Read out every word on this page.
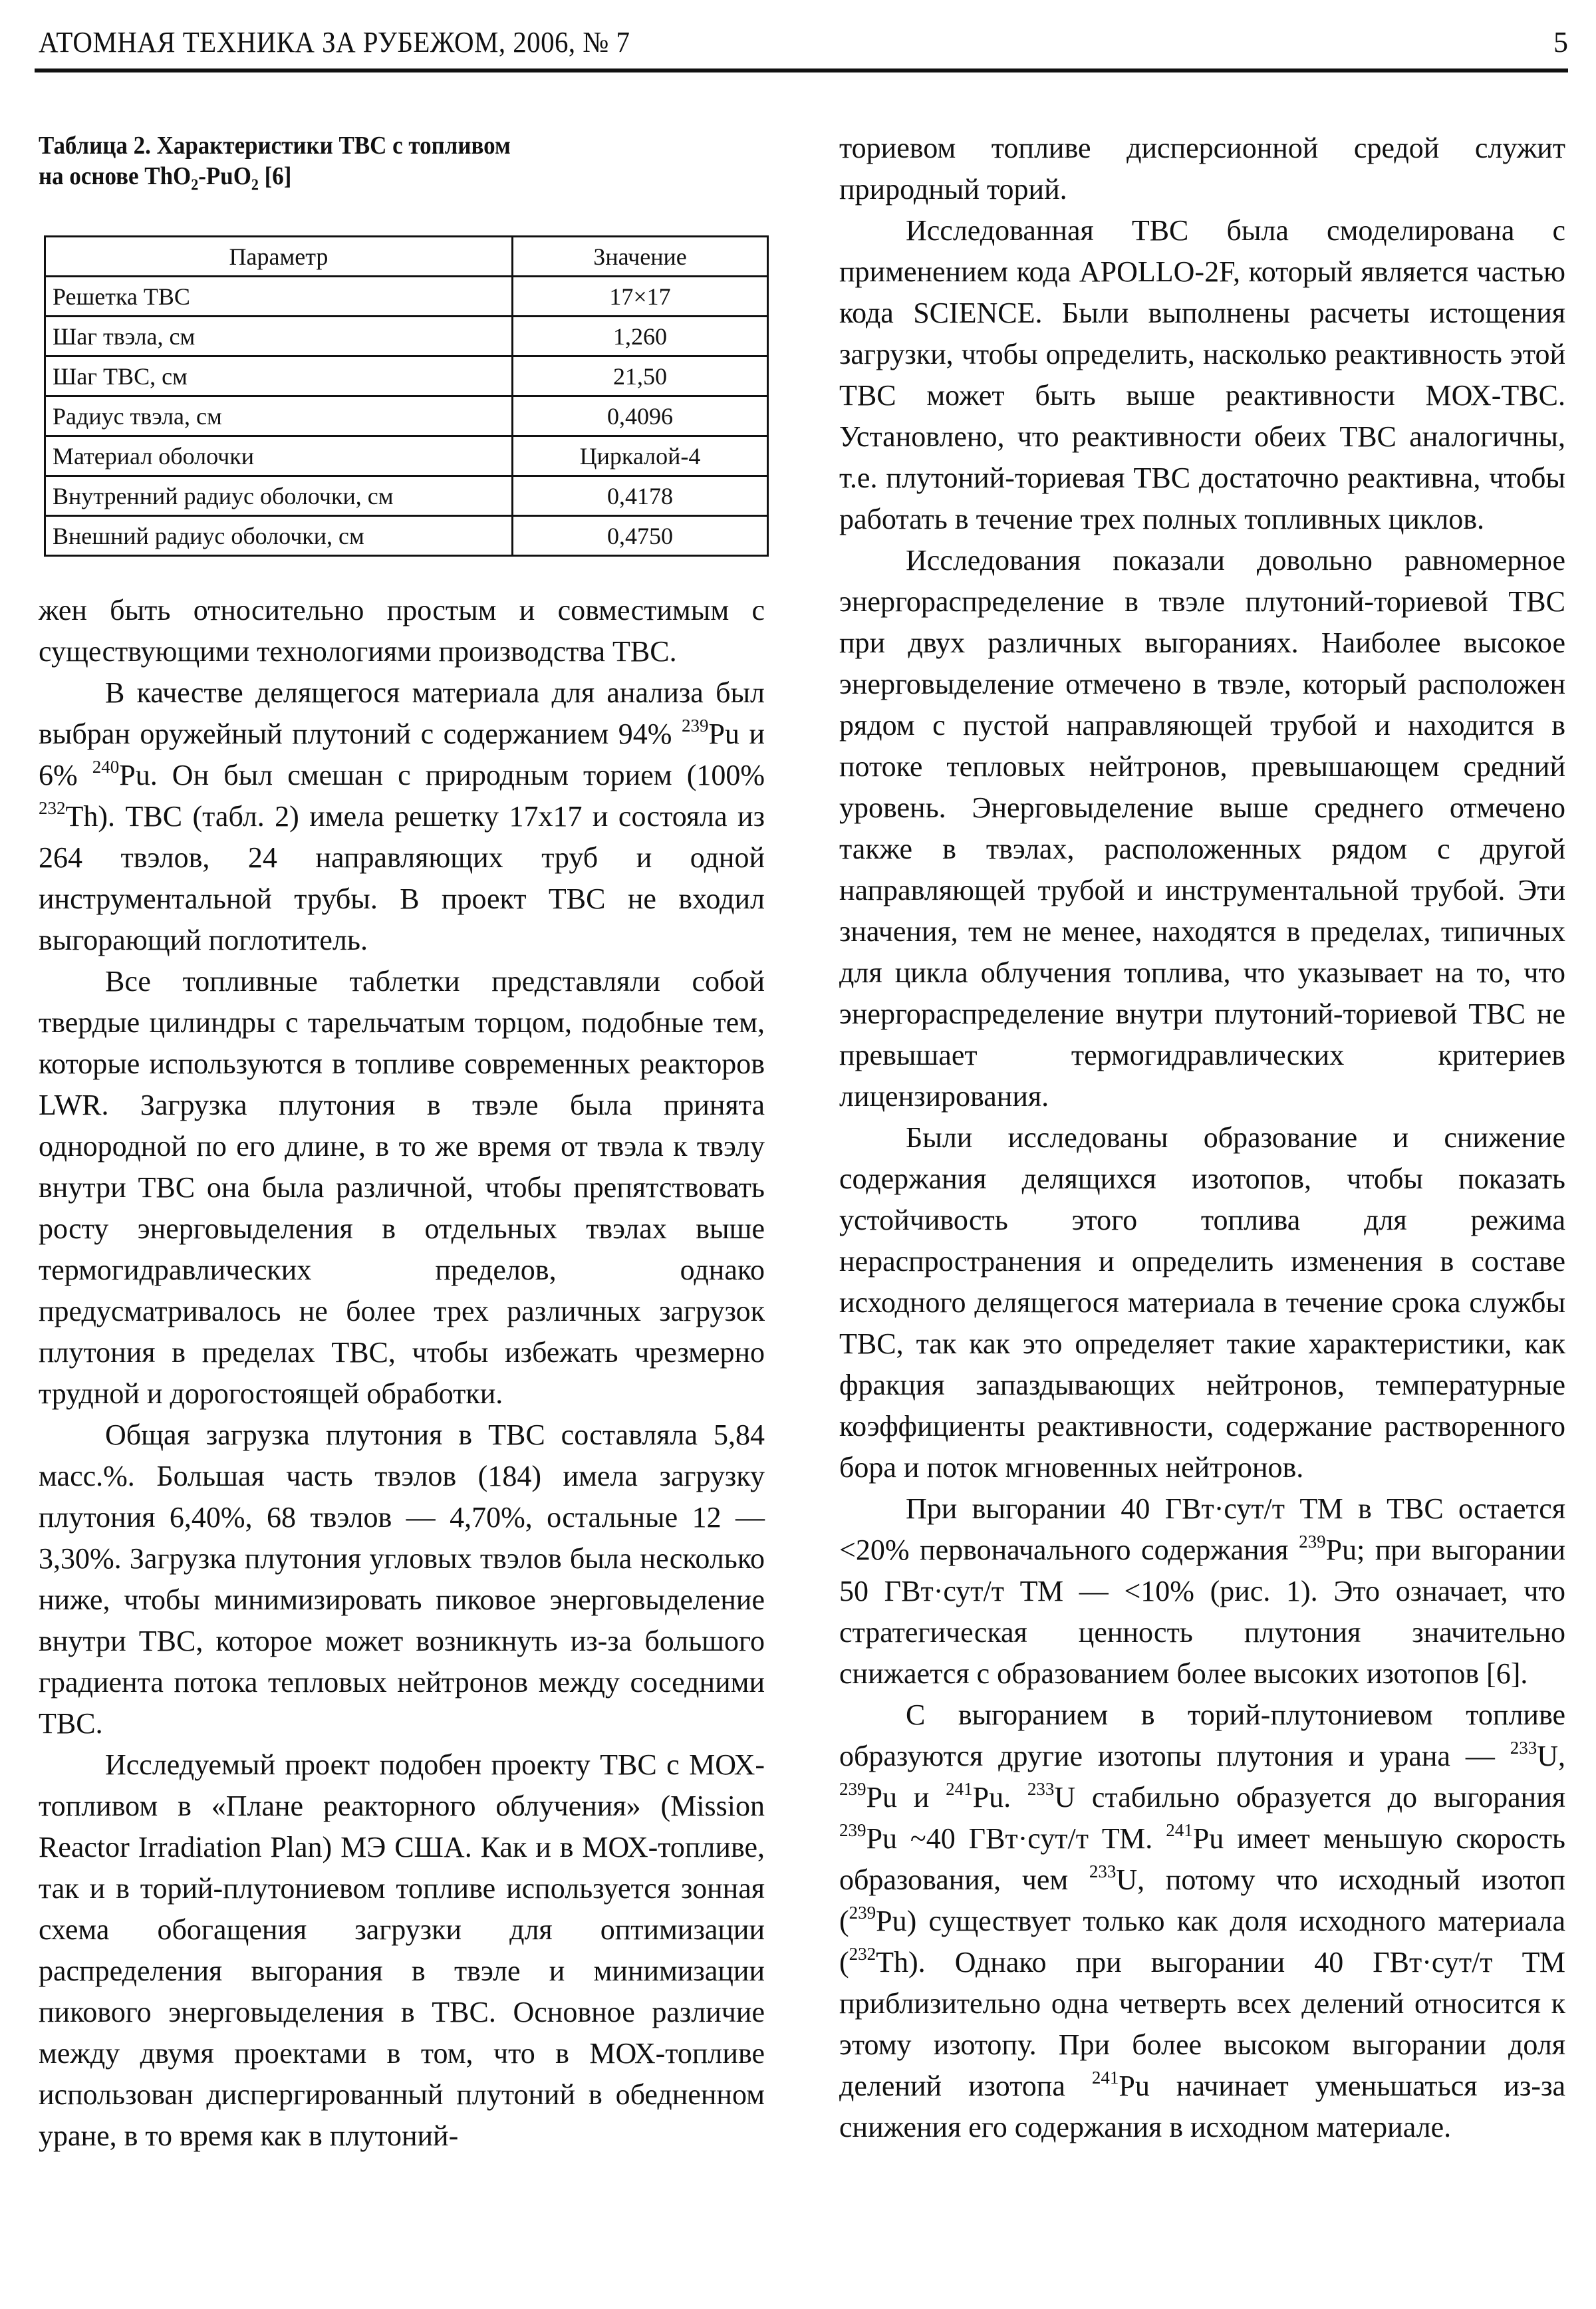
АТОМНАЯ ТЕХНИКА ЗА РУБЕЖОМ, 2006, № 7	5
Таблица 2. Характеристики ТВС с топливом
на основе ThO$_2$-PuO$_2$ [6]
Параметр	Значение
Решетка ТВС	17×17
Шаг твэла, см	1,260
Шаг ТВС, см	21,50
Радиус твэла, см	0,4096
Материал оболочки	Циркалой-4
Внутренний радиус оболочки, см	0,4178
Внешний радиус оболочки, см	0,4750

жен быть относительно простым и совместимым с существующими технологиями производства ТВС.

В качестве делящегося материала для анализа был выбран оружейный плутоний с содержанием 94% $^{239}$Pu и 6% $^{240}$Pu. Он был смешан с природным торием (100% $^{232}$Th). ТВС (табл. 2) имела решетку 17х17 и состояла из 264 твэлов, 24 направляющих труб и одной инструментальной трубы. В проект ТВС не входил выгорающий поглотитель.

Все топливные таблетки представляли собой твердые цилиндры с тарельчатым торцом, подобные тем, которые используются в топливе современных реакторов LWR. Загрузка плутония в твэле была принята однородной по его длине, в то же время от твэла к твэлу внутри ТВС она была различной, чтобы препятствовать росту энерговыделения в отдельных твэлах выше термогидравлических пределов, однако предусматривалось не более трех различных загрузок плутония в пределах ТВС, чтобы избежать чрезмерно трудной и дорогостоящей обработки.

Общая загрузка плутония в ТВС составляла 5,84 масс.%. Большая часть твэлов (184) имела загрузку плутония 6,40%, 68 твэлов — 4,70%, остальные 12 — 3,30%. Загрузка плутония угловых твэлов была несколько ниже, чтобы минимизировать пиковое энерговыделение внутри ТВС, которое может возникнуть из-за большого градиента потока тепловых нейтронов между соседними ТВС.

Исследуемый проект подобен проекту ТВС с МОХ-топливом в «Плане реакторного облучения» (Mission Reactor Irradiation Plan) МЭ США. Как и в МОХ-топливе, так и в торий-плутониевом топливе используется зонная схема обогащения загрузки для оптимизации распределения выгорания в твэле и минимизации пикового энерговыделения в ТВС. Основное различие между двумя проектами в том, что в МОХ-топливе использован диспергированный плутоний в обедненном уране, в то время как в плутоний-

ториевом топливе дисперсионной средой служит природный торий.

Исследованная ТВС была смоделирована с применением кода APOLLO-2F, который является частью кода SCIENCE. Были выполнены расчеты истощения загрузки, чтобы определить, насколько реактивность этой ТВС может быть выше реактивности МОХ-ТВС. Установлено, что реактивности обеих ТВС аналогичны, т.е. плутоний-ториевая ТВС достаточно реактивна, чтобы работать в течение трех полных топливных циклов.

Исследования показали довольно равномерное энергораспределение в твэле плутоний-ториевой ТВС при двух различных выгораниях. Наиболее высокое энерговыделение отмечено в твэле, который расположен рядом с пустой направляющей трубой и находится в потоке тепловых нейтронов, превышающем средний уровень. Энерговыделение выше среднего отмечено также в твэлах, расположенных рядом с другой направляющей трубой и инструментальной трубой. Эти значения, тем не менее, находятся в пределах, типичных для цикла облучения топлива, что указывает на то, что энергораспределение внутри плутоний-ториевой ТВС не превышает термогидравлических критериев лицензирования.

Были исследованы образование и снижение содержания делящихся изотопов, чтобы показать устойчивость этого топлива для режима нераспространения и определить изменения в составе исходного делящегося материала в течение срока службы ТВС, так как это определяет такие характеристики, как фракция запаздывающих нейтронов, температурные коэффициенты реактивности, содержание растворенного бора и поток мгновенных нейтронов.

При выгорании 40 ГВт·сут/т ТМ в ТВС остается <20% первоначального содержания $^{239}$Pu; при выгорании 50 ГВт·сут/т ТМ — <10% (рис. 1). Это означает, что стратегическая ценность плутония значительно снижается с образованием более высоких изотопов [6].

С выгоранием в торий-плутониевом топливе образуются другие изотопы плутония и урана — $^{233}$U, $^{239}$Pu и $^{241}$Pu. $^{233}$U стабильно образуется до выгорания $^{239}$Pu ~40 ГВт·сут/т ТМ. $^{241}$Pu имеет меньшую скорость образования, чем $^{233}$U, потому что исходный изотоп ($^{239}$Pu) существует только как доля исходного материала ($^{232}$Th). Однако при выгорании 40 ГВт·сут/т ТМ приблизительно одна четверть всех делений относится к этому изотопу. При более высоком выгорании доля делений изотопа $^{241}$Pu начинает уменьшаться из-за снижения его содержания в исходном материале.
